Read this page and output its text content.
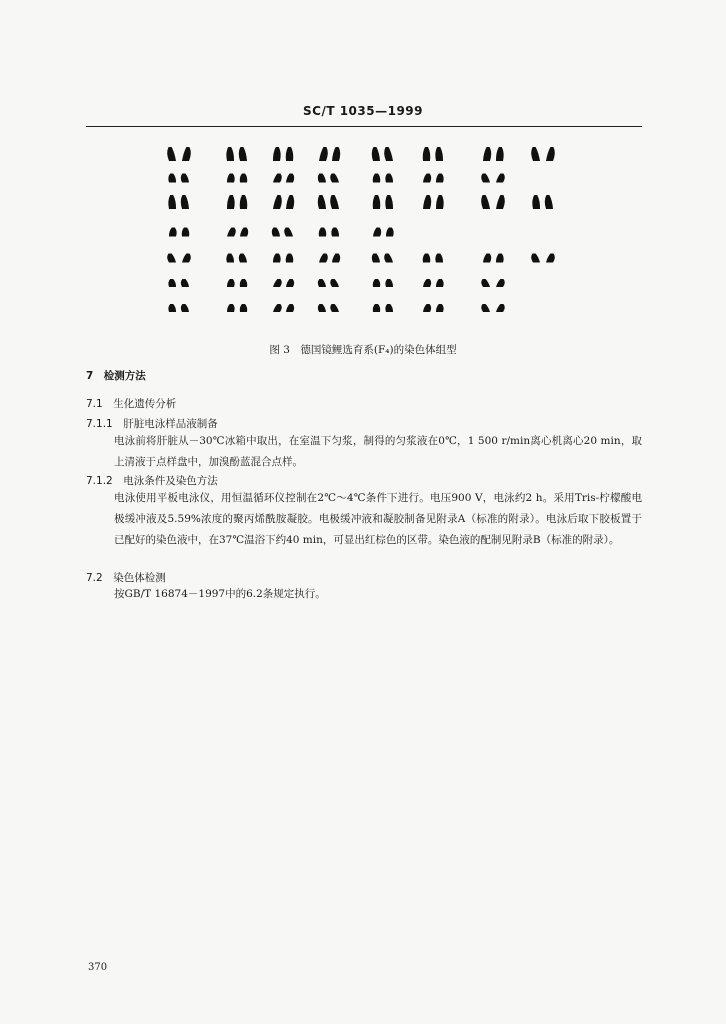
SC/T 1035—1999
图 3　德国镜鲤选育系(F₄)的染色体组型
7　检测方法
7.1　生化遗传分析
7.1.1　肝脏电泳样品液制备
电泳前将肝脏从－30℃冰箱中取出，在室温下匀浆，制得的匀浆液在0℃，1 500 r/min离心机离心20 min，取上清液于点样盘中，加溴酚蓝混合点样。
7.1.2　电泳条件及染色方法
电泳使用平板电泳仪，用恒温循环仪控制在2℃～4℃条件下进行。电压900 V，电泳约2 h。采用Tris-柠檬酸电极缓冲液及5.59%浓度的聚丙烯酰胺凝胶。电极缓冲液和凝胶制备见附录A（标准的附录）。电泳后取下胶板置于已配好的染色液中，在37℃温浴下约40 min，可显出红棕色的区带。染色液的配制见附录B（标准的附录）。
7.2　染色体检测
按GB/T 16874－1997中的6.2条规定执行。
370
